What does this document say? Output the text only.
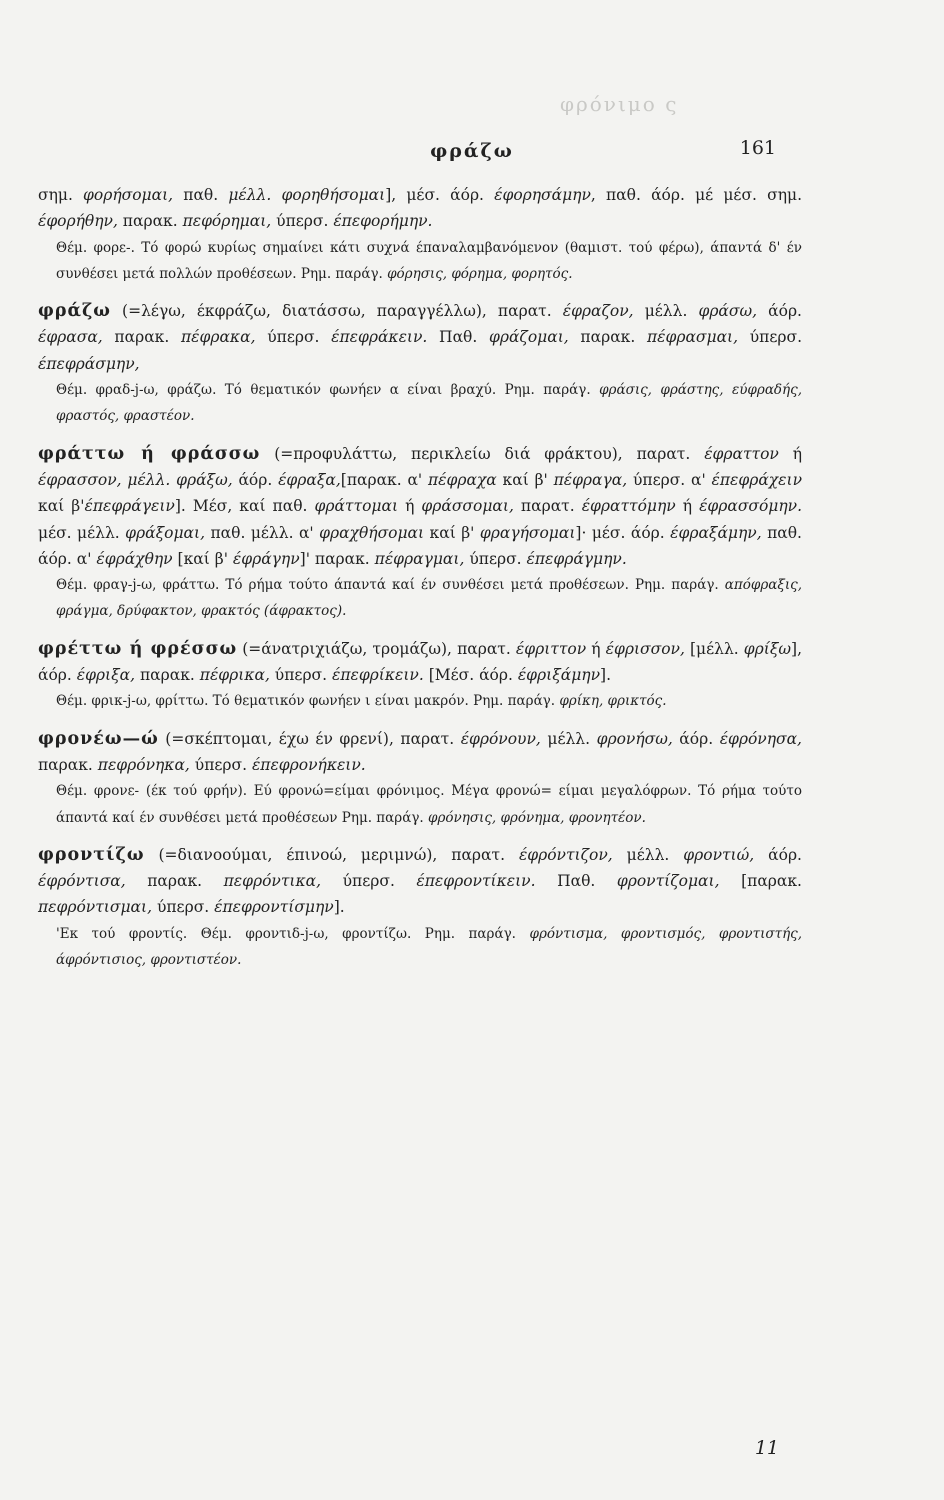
φρόνιμο ς
φράζω	161

σημ. φορήσομαι, παθ. μέλλ. φορηθήσομαι], μέσ. άόρ. έφορησάμην, παθ. άόρ. μέ μέσ. σημ. έφορήθην, παρακ. πεφόρημαι, ύπερσ. έπεφορήμην.

Θέμ. φορε-. Τό φορώ κυρίως σημαίνει κάτι συχνά έπαναλαμβανόμενον (θαμιστ. τού φέρω), άπαντά δ' έν συνθέσει μετά πολλών προθέσεων. Ρημ. παράγ. φόρησις, φόρημα, φορητός.

φράζω (=λέγω, έκφράζω, διατάσσω, παραγγέλλω), παρατ. έφραζον, μέλλ. φράσω, άόρ. έφρασα, παρακ. πέφρακα, ύπερσ. έπεφράκειν. Παθ. φράζομαι, παρακ. πέφρασμαι, ύπερσ. έπεφράσμην,

Θέμ. φραδ-j-ω, φράζω. Τό θεματικόν φωνήεν α είναι βραχύ. Ρημ. παράγ. φράσις, φράστης, εύφραδής, φραστός, φραστέον.

φράττω ή φράσσω (=προφυλάττω, περικλείω διά φράκτου), παρατ. έφραττον ή έφρασσον, μέλλ. φράξω, άόρ. έφραξα,[παρακ. α' πέφραχα καί β' πέφραγα, ύπερσ. α' έπεφράχειν καί β'έπεφράγειν]. Μέσ, καί παθ. φράττομαι ή φράσσομαι, παρατ. έφραττόμην ή έφρασσόμην. μέσ. μέλλ. φράξομαι, παθ. μέλλ. α' φραχθήσομαι καί β' φραγήσομαι]· μέσ. άόρ. έφραξάμην, παθ. άόρ. α' έφράχθην [καί β' έφράγην]' παρακ. πέφραγμαι, ύπερσ. έπεφράγμην.

Θέμ. φραγ-j-ω, φράττω. Τό ρήμα τούτο άπαντά καί έν συνθέσει μετά προθέσεων. Ρημ. παράγ. απόφραξις, φράγμα, δρύφακτον, φρακτός (άφρακτος).

φρέττω ή φρέσσω (=άνατριχιάζω, τρομάζω), παρατ. έφριττον ή έφρισσον, [μέλλ. φρίξω], άόρ. έφριξα, παρακ. πέφρικα, ύπερσ. έπεφρίκειν. [Μέσ. άόρ. έφριξάμην].

Θέμ. φρικ-j-ω, φρίττω. Τό θεματικόν φωνήεν ι είναι μακρόν. Ρημ. παράγ. φρίκη, φρικτός.

φρονέω—ώ (=σκέπτομαι, έχω έν φρενί), παρατ. έφρόνουν, μέλλ. φρονήσω, άόρ. έφρόνησα, παρακ. πεφρόνηκα, ύπερσ. έπεφρονήκειν.

Θέμ. φρονε- (έκ τού φρήν). Εύ φρονώ=είμαι φρόνιμος. Μέγα φρονώ= είμαι μεγαλόφρων. Τό ρήμα τούτο άπαντά καί έν συνθέσει μετά προθέσεων Ρημ. παράγ. φρόνησις, φρόνημα, φρονητέον.

φροντίζω (=διανοούμαι, έπινοώ, μεριμνώ), παρατ. έφρόντιζον, μέλλ. φροντιώ, άόρ. έφρόντισα, παρακ. πεφρόντικα, ύπερσ. έπεφροντίκειν. Παθ. φροντίζομαι, [παρακ. πεφρόντισμαι, ύπερσ. έπεφροντίσμην].

'Εκ τού φροντίς. Θέμ. φροντιδ-j-ω, φροντίζω. Ρημ. παράγ. φρόντισμα, φροντισμός, φροντιστής, άφρόντισιος, φροντιστέον.

11
